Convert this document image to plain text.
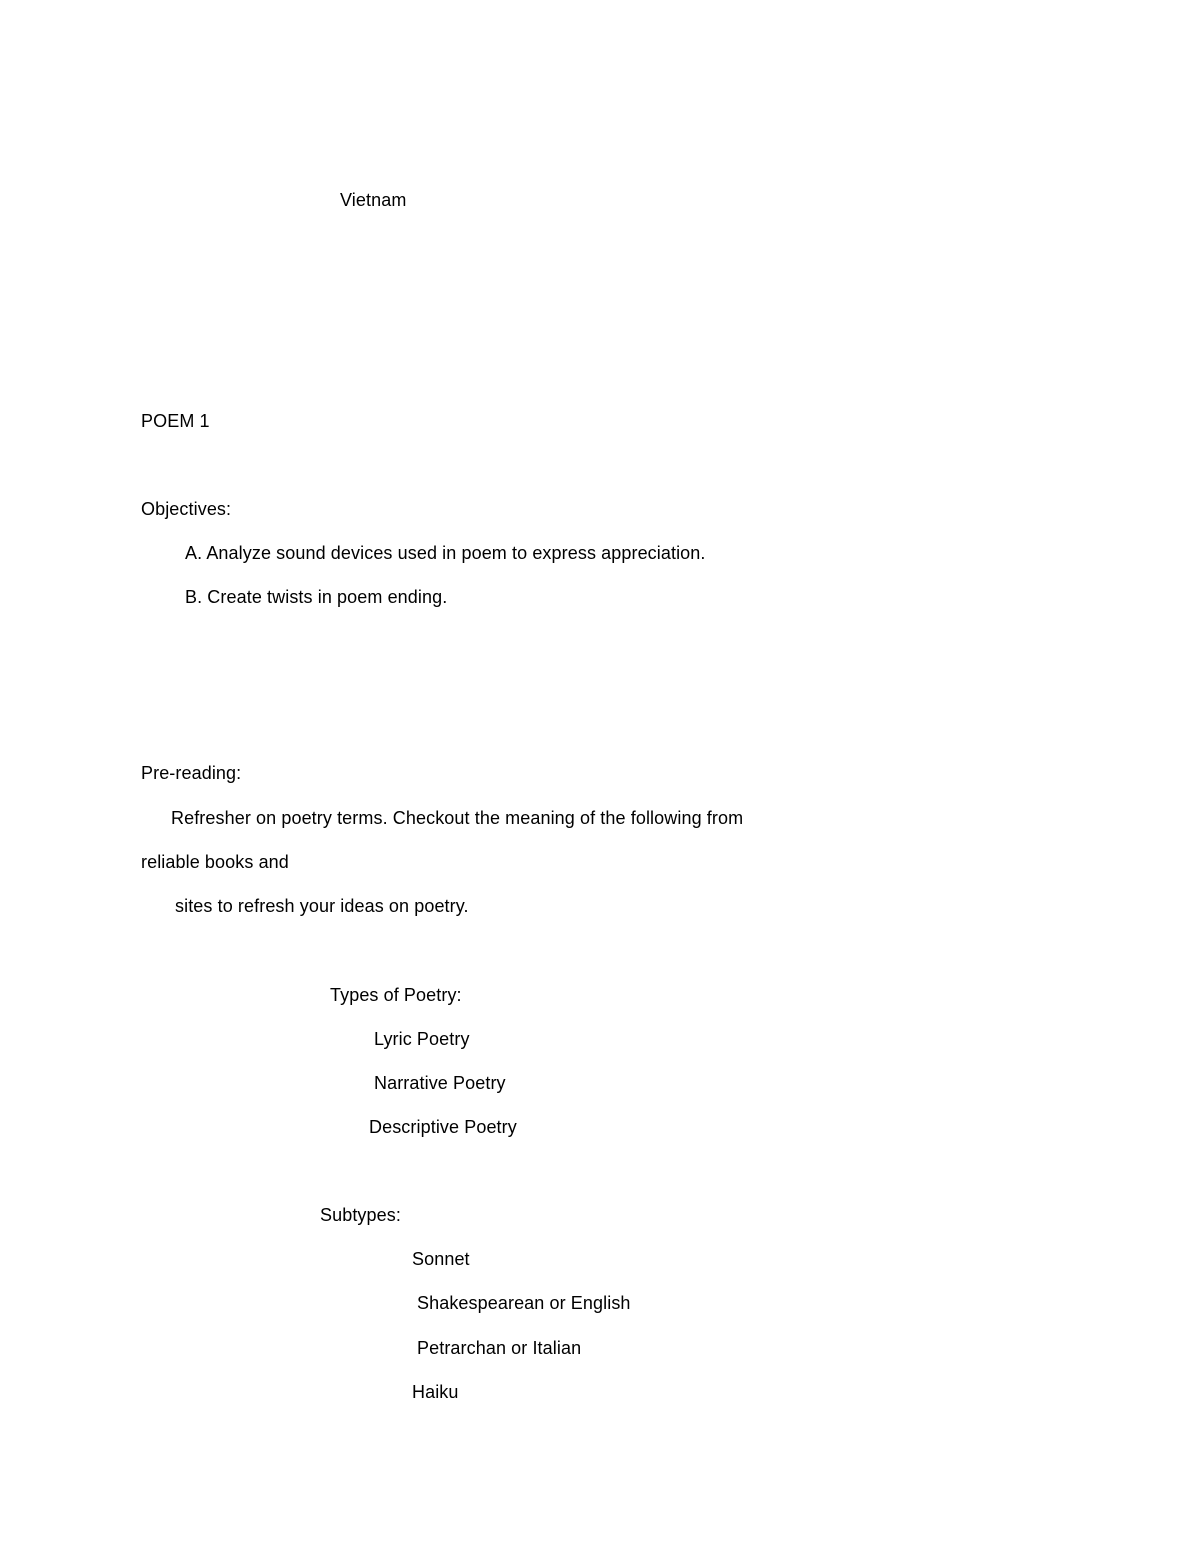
Vietnam
POEM 1
Objectives:
A. Analyze sound devices used in poem to express appreciation.
B. Create twists in poem ending.
Pre-reading:
Refresher on poetry terms. Checkout the meaning of the following from
reliable books and
sites to refresh your ideas on poetry.
Types of Poetry:
Lyric Poetry
Narrative Poetry
Descriptive Poetry
Subtypes:
Sonnet
Shakespearean or English
Petrarchan or Italian
Haiku
